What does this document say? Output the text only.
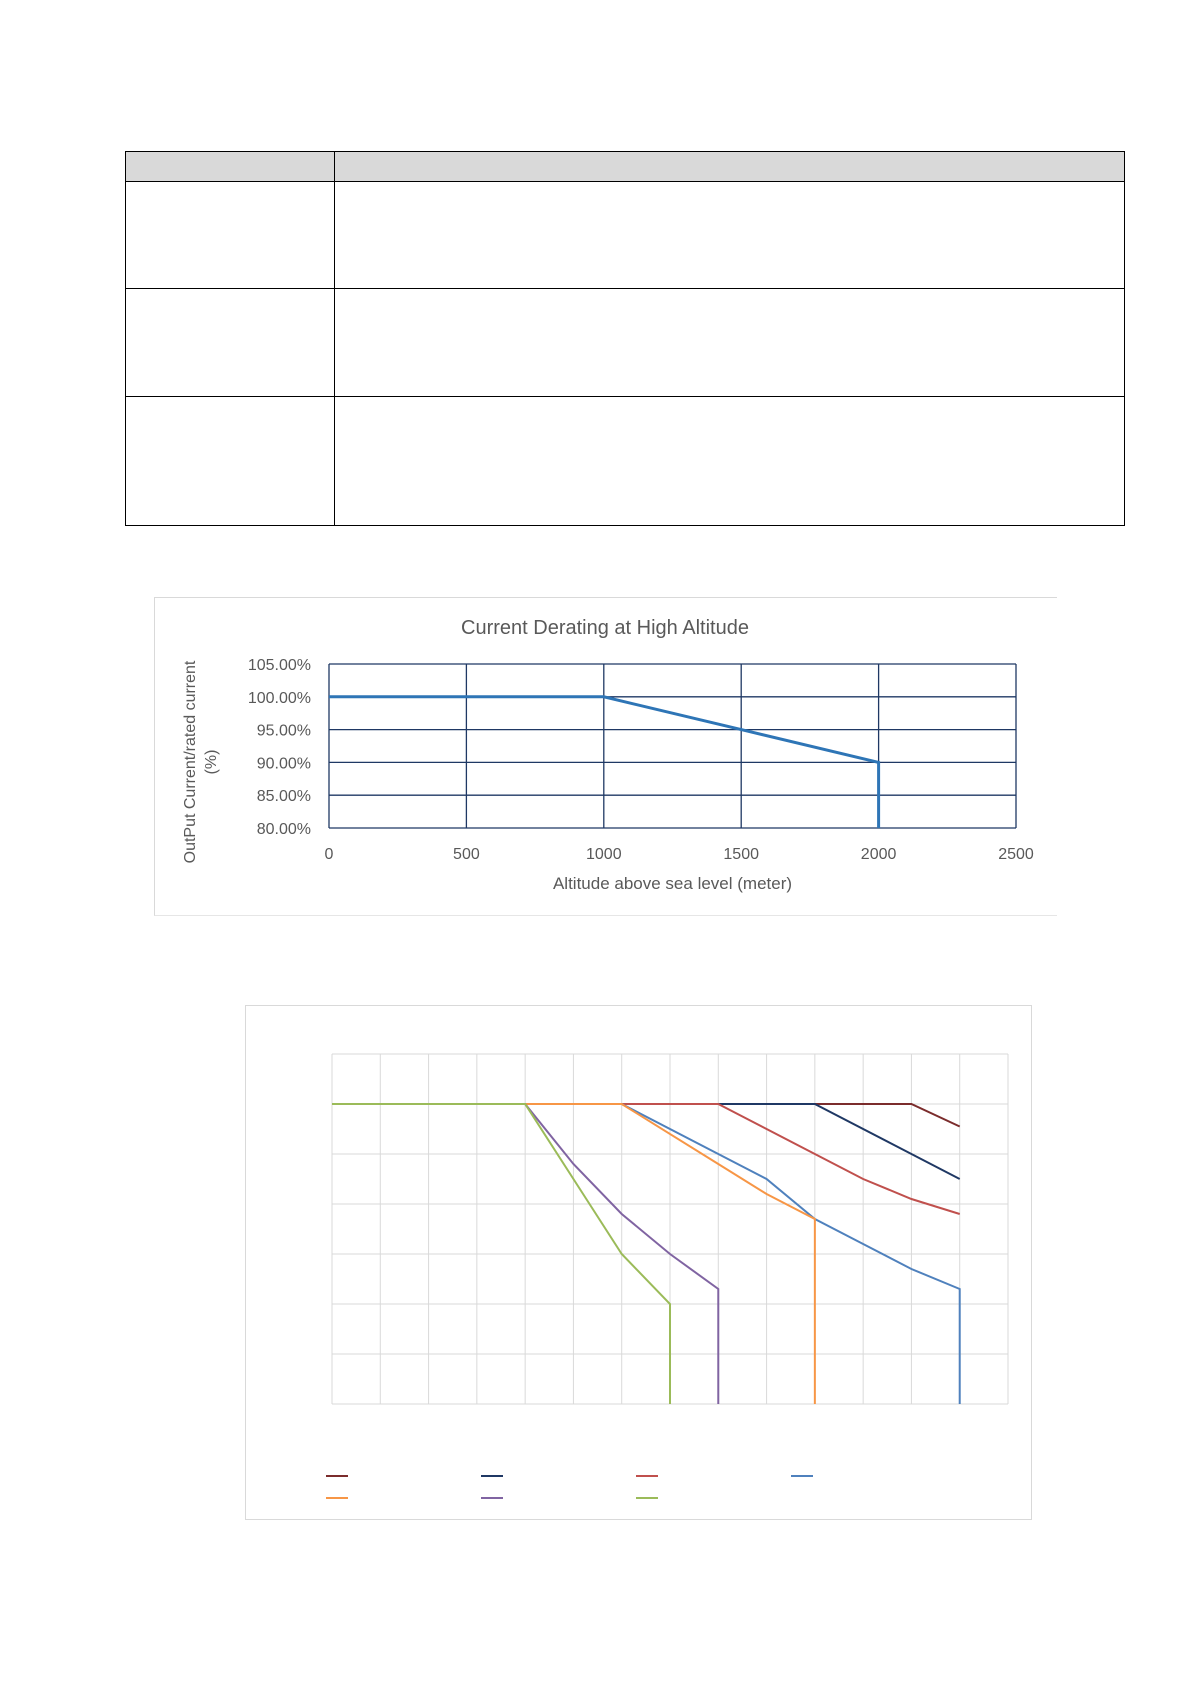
Current Derating at High Altitude
80.00%
85.00%
90.00%
95.00%
100.00%
105.00%
0	500	1000	1500	2000	2500
Altitude above sea level (meter)
OutPut Current/rated current (%)
